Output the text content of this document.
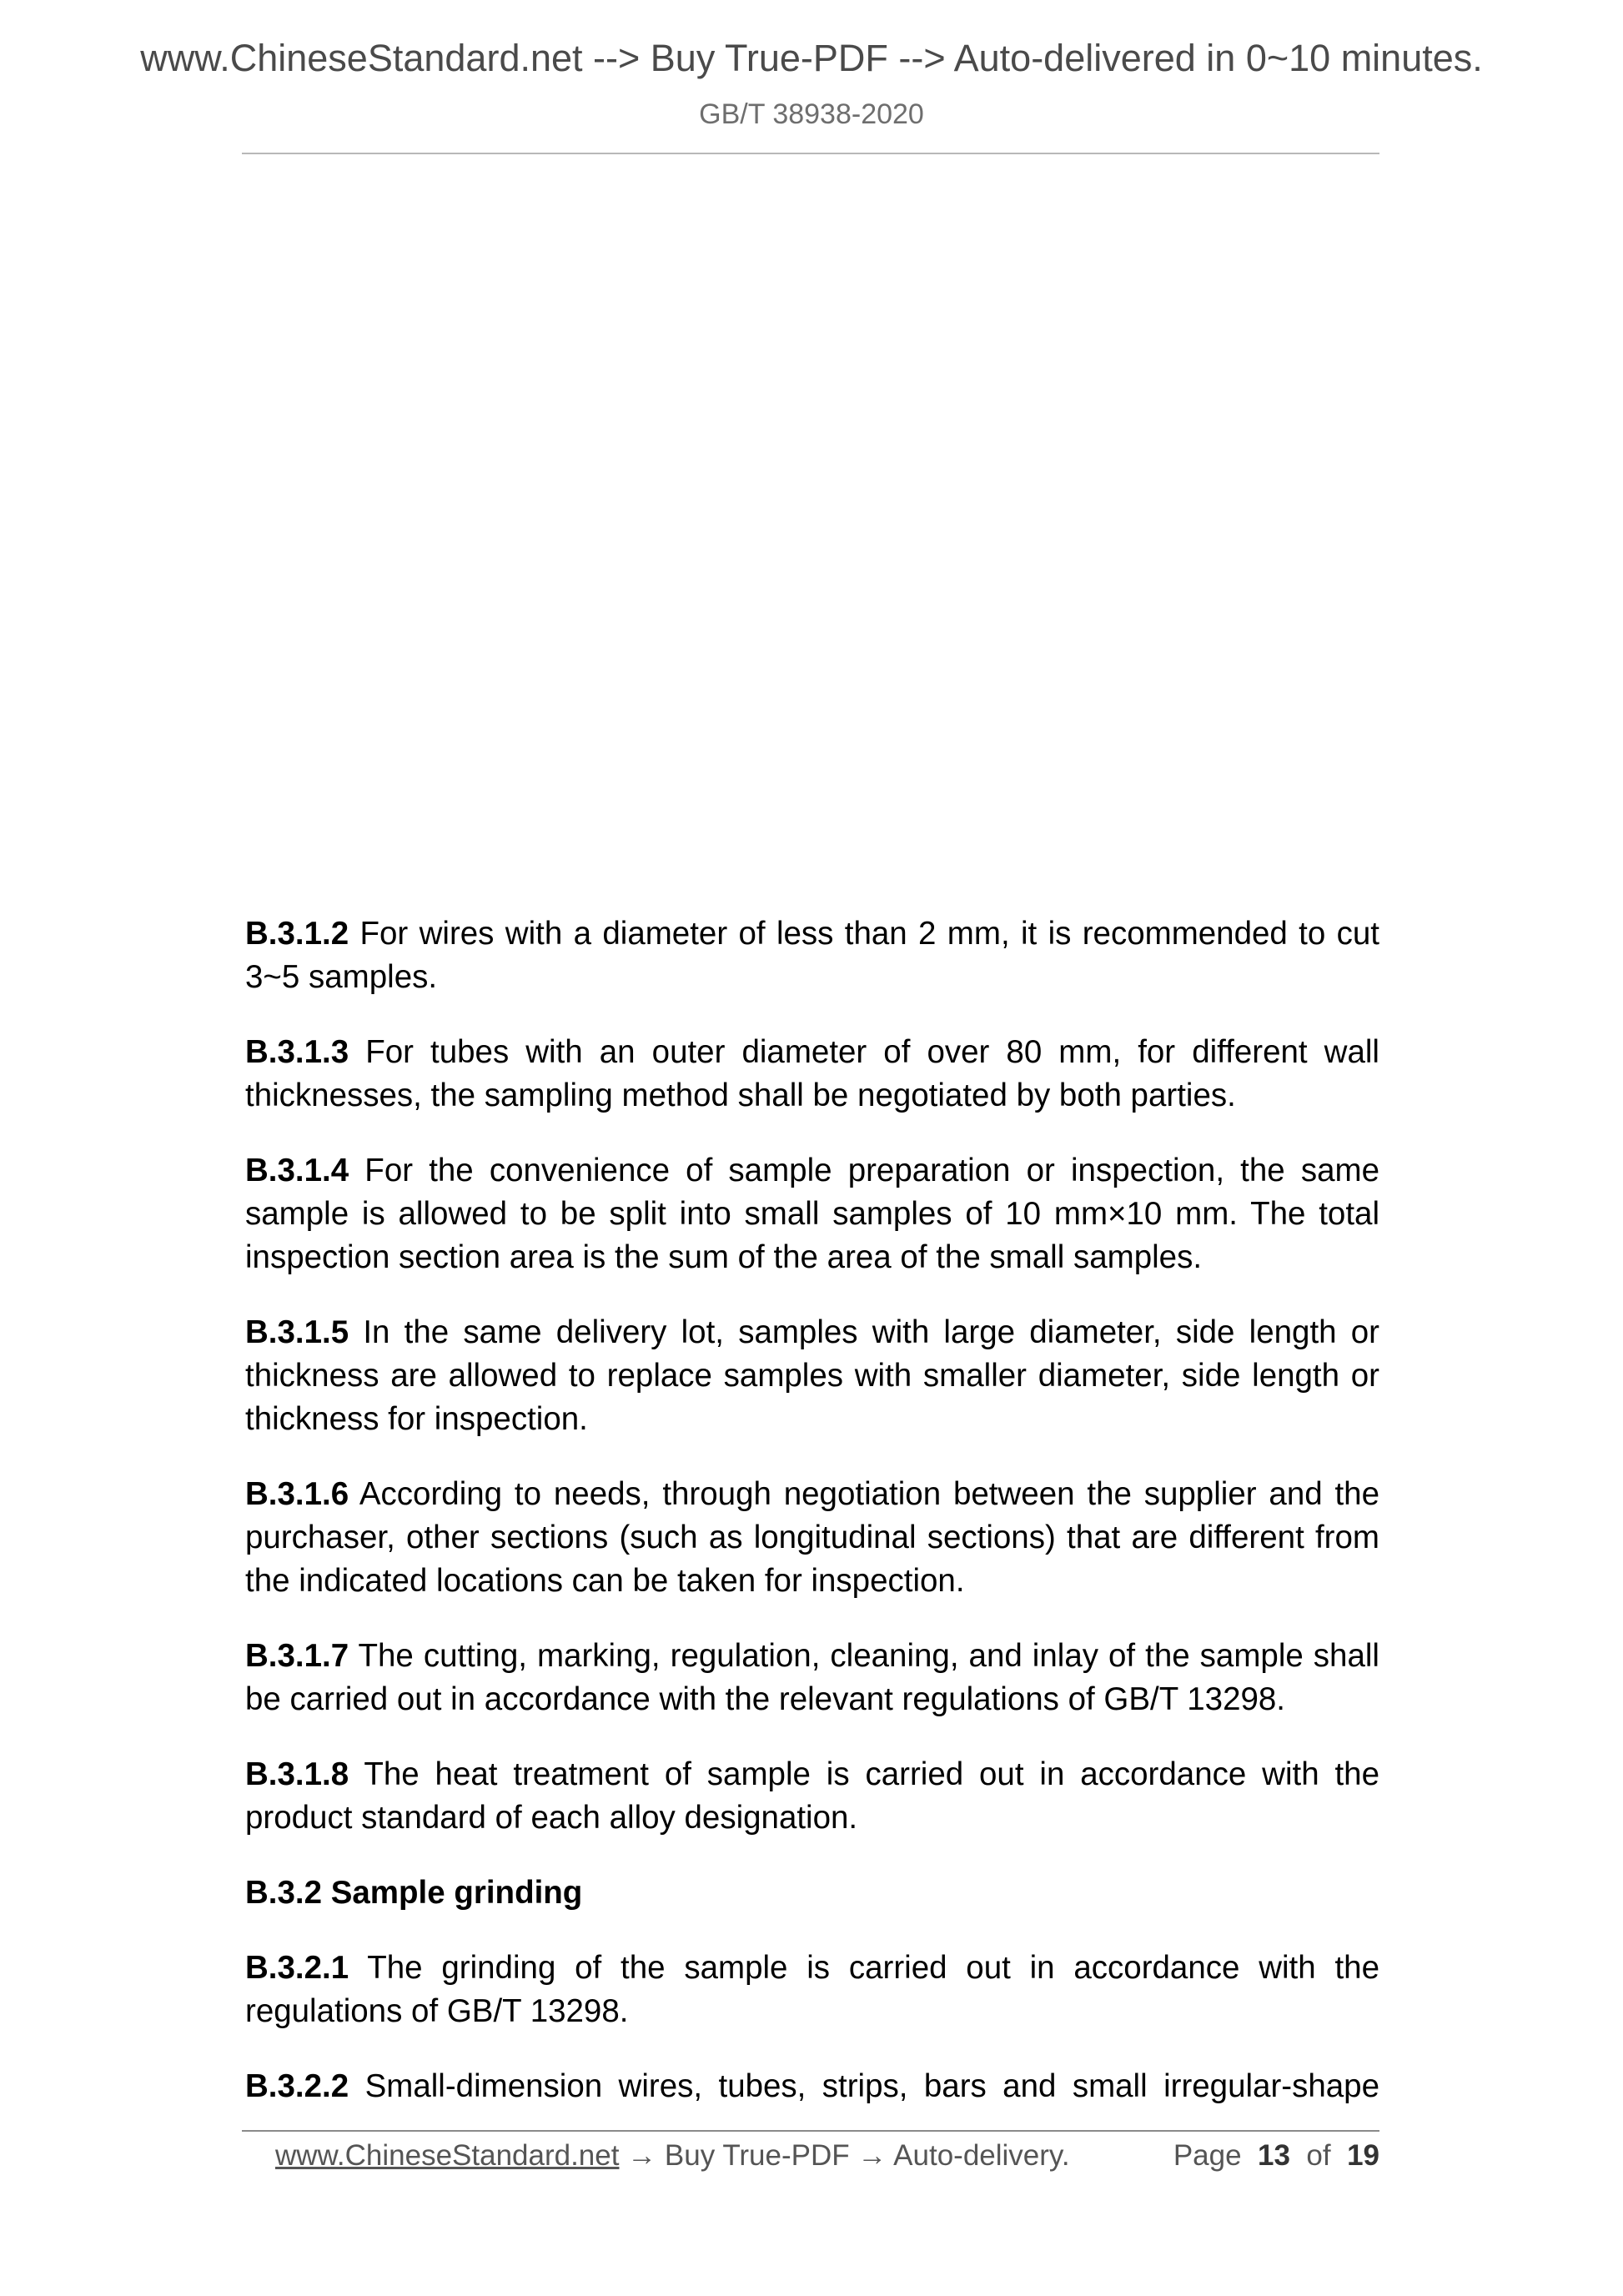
www.ChineseStandard.net --> Buy True-PDF --> Auto-delivered in 0~10 minutes.
GB/T 38938-2020

B.3.1.2 For wires with a diameter of less than 2 mm, it is recommended to cut 3~5 samples.

B.3.1.3 For tubes with an outer diameter of over 80 mm, for different wall thicknesses, the sampling method shall be negotiated by both parties.

B.3.1.4 For the convenience of sample preparation or inspection, the same sample is allowed to be split into small samples of 10 mm×10 mm. The total inspection section area is the sum of the area of the small samples.

B.3.1.5 In the same delivery lot, samples with large diameter, side length or thickness are allowed to replace samples with smaller diameter, side length or thickness for inspection.

B.3.1.6 According to needs, through negotiation between the supplier and the purchaser, other sections (such as longitudinal sections) that are different from the indicated locations can be taken for inspection.

B.3.1.7 The cutting, marking, regulation, cleaning, and inlay of the sample shall be carried out in accordance with the relevant regulations of GB/T 13298.

B.3.1.8 The heat treatment of sample is carried out in accordance with the product standard of each alloy designation.

B.3.2 Sample grinding

B.3.2.1 The grinding of the sample is carried out in accordance with the regulations of GB/T 13298.

B.3.2.2 Small-dimension wires, tubes, strips, bars and small irregular-shape

www.ChineseStandard.net → Buy True-PDF → Auto-delivery.	Page 13 of 19
